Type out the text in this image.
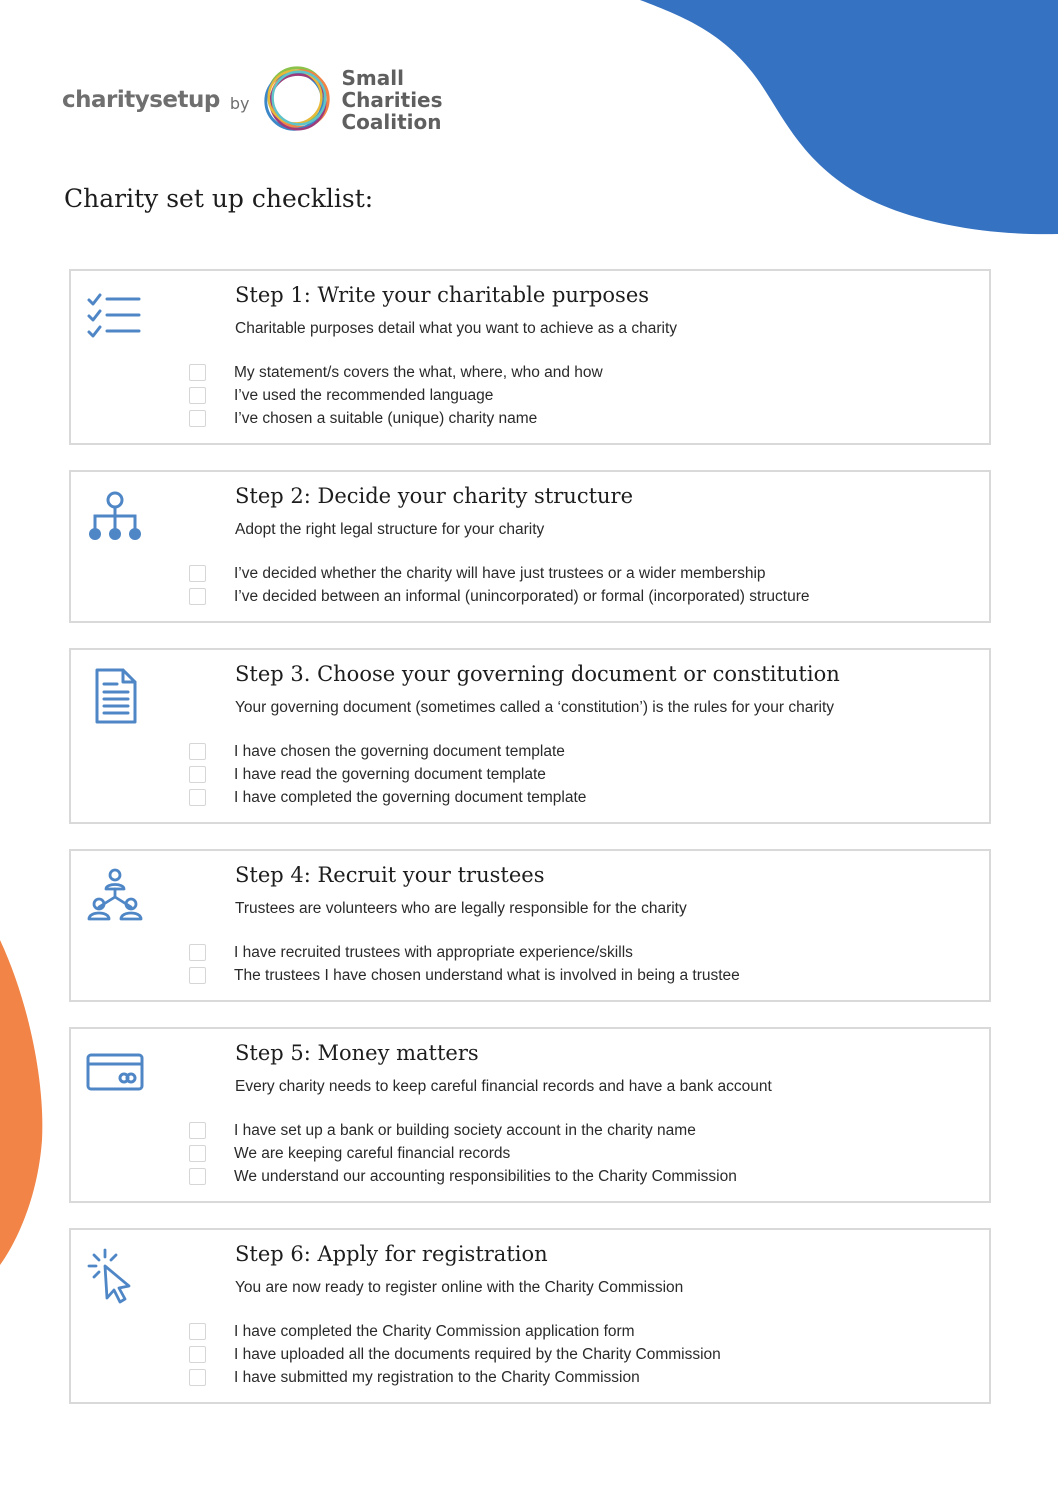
charitysetup by
Small
Charities
Coalition
Charity set up checklist:
Step 1: Write your charitable purposes

Charitable purposes detail what you want to achieve as a charity

My statement/s covers the what, where, who and how
I’ve used the recommended language
I’ve chosen a suitable (unique) charity name
Step 2: Decide your charity structure

Adopt the right legal structure for your charity

I’ve decided whether the charity will have just trustees or a wider membership
I’ve decided between an informal (unincorporated) or formal (incorporated) structure
Step 3. Choose your governing document or constitution

Your governing document (sometimes called a ‘constitution’) is the rules for your charity

I have chosen the governing document template
I have read the governing document template
I have completed the governing document template
Step 4: Recruit your trustees

Trustees are volunteers who are legally responsible for the charity

I have recruited trustees with appropriate experience/skills
The trustees I have chosen understand what is involved in being a trustee
Step 5: Money matters

Every charity needs to keep careful financial records and have a bank account

I have set up a bank or building society account in the charity name
We are keeping careful financial records
We understand our accounting responsibilities to the Charity Commission
Step 6: Apply for registration

You are now ready to register online with the Charity Commission

I have completed the Charity Commission application form
I have uploaded all the documents required by the Charity Commission
I have submitted my registration to the Charity Commission
